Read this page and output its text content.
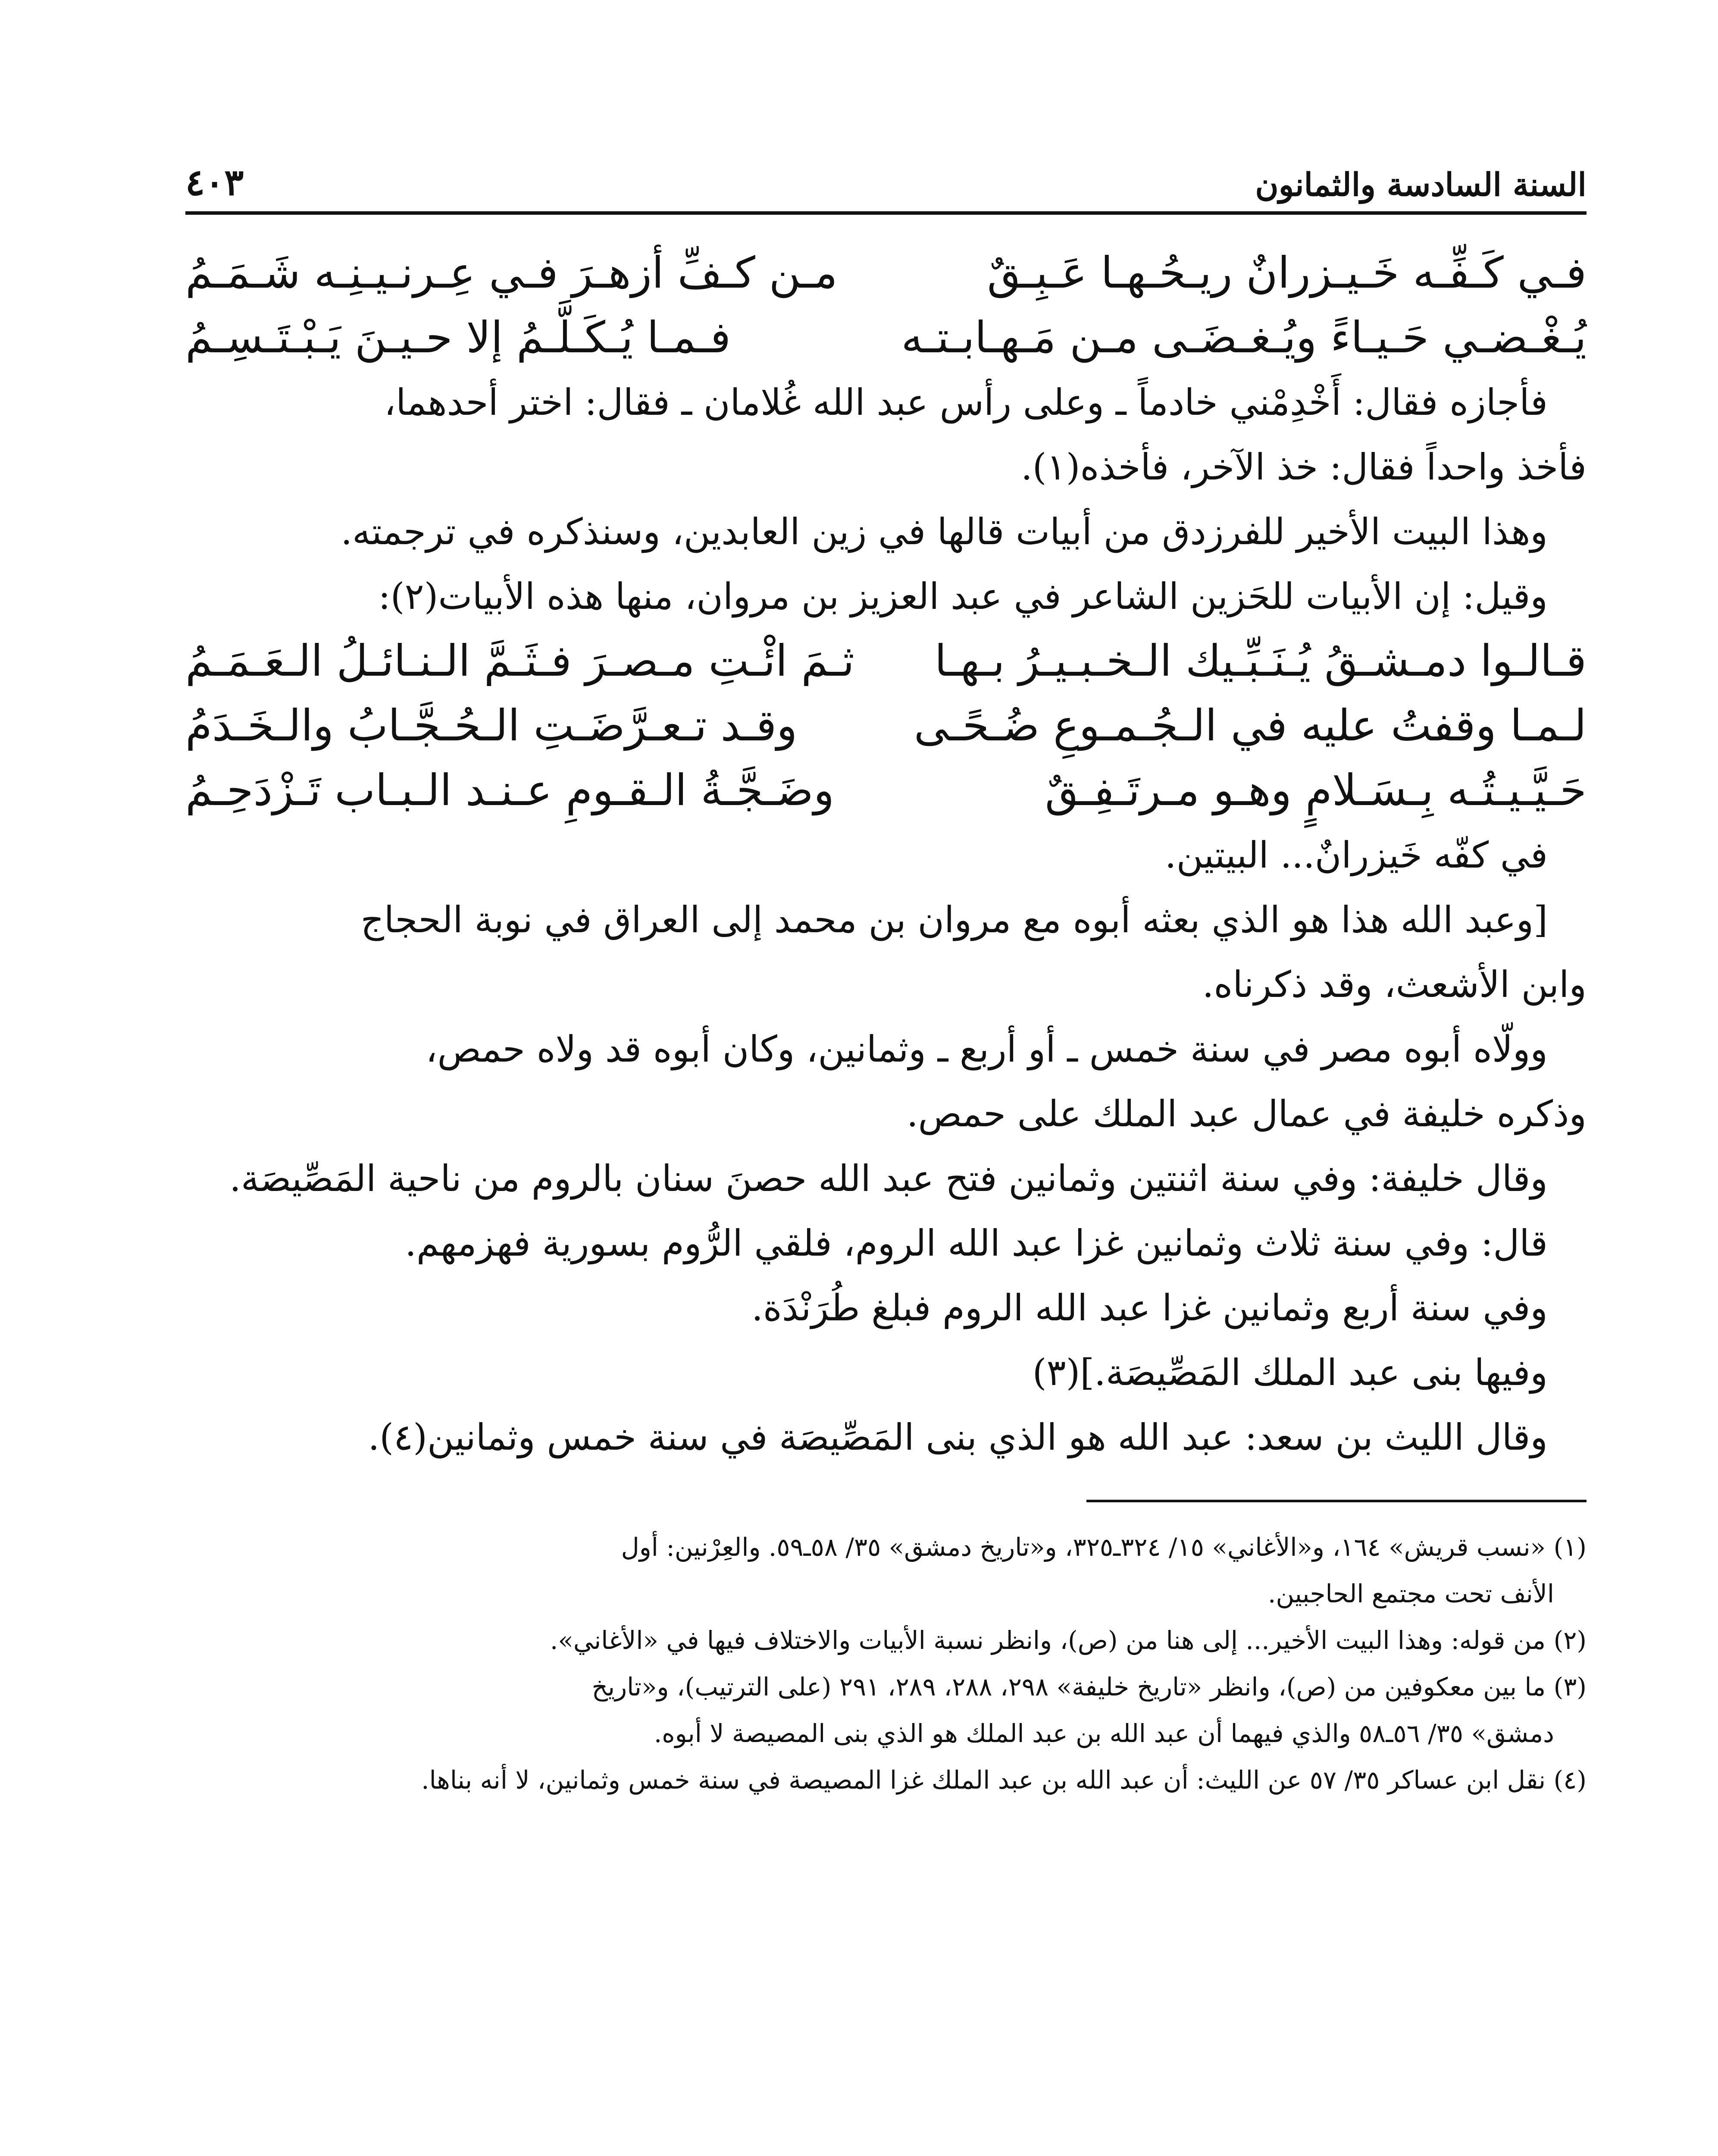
السنة السادسة والثمانون
٤٠٣
فـي كَـفِّـه خَـيـزرانٌ ريـحُـهـا عَـبِـقٌ
مـن كـفِّ أزهـرَ فـي عِـرنـيـنِـه شَـمَـمُ
يُـغْـضـي حَـيـاءً ويُـغـضَـى مـن مَـهـابـتـه
فـمـا يُـكَـلَّـمُ إلا حـيـنَ يَـبْـتَـسِـمُ

فأجازه فقال: أَخْدِمْني خادماً ـ وعلى رأس عبد الله غُلامان ـ فقال: اختر أحدهما،

فأخذ واحداً فقال: خذ الآخر، فأخذه(١).

وهذا البيت الأخير للفرزدق من أبيات قالها في زين العابدين، وسنذكره في ترجمته.

وقيل: إن الأبيات للحَزين الشاعر في عبد العزيز بن مروان، منها هذه الأبيات(٢):

قـالـوا دمـشـقُ يُـنَـبِّـيك الـخـبـيـرُ بـهـا
ثـمَ ائْـتِ مـصـرَ فـثَـمَّ الـنـائـلُ الـعَـمَـمُ
لـمـا وقفتُ عليه في الـجُـمـوعِ ضُـحًـى
وقـد تـعـرَّضَـتِ الـحُـجَّـابُ والـخَـدَمُ
حَـيَّـيـتُـه بِـسَـلامٍ وهـو مـرتَـفِـقٌ
وضَـجَّـةُ الـقـومِ عـنـد الـبـاب تَـزْدَحِـمُ

في كفّه خَيزرانٌ... البيتين.

[وعبد الله هذا هو الذي بعثه أبوه مع مروان بن محمد إلى العراق في نوبة الحجاج

وابن الأشعث، وقد ذكرناه.

وولّاه أبوه مصر في سنة خمس ـ أو أربع ـ وثمانين، وكان أبوه قد ولاه حمص،

وذكره خليفة في عمال عبد الملك على حمص.

وقال خليفة: وفي سنة اثنتين وثمانين فتح عبد الله حصنَ سنان بالروم من ناحية المَصِّيصَة.

قال: وفي سنة ثلاث وثمانين غزا عبد الله الروم، فلقي الرُّوم بسورية فهزمهم.

وفي سنة أربع وثمانين غزا عبد الله الروم فبلغ طُرَنْدَة.

وفيها بنى عبد الملك المَصِّيصَة.](٣)

وقال الليث بن سعد: عبد الله هو الذي بنى المَصِّيصَة في سنة خمس وثمانين(٤).

(١) «نسب قريش» ١٦٤، و«الأغاني» ١٥/ ٣٢٤ـ٣٢٥، و«تاريخ دمشق» ٣٥/ ٥٨ـ٥٩. والعِرْنين: أول

الأنف تحت مجتمع الحاجبين.

(٢) من قوله: وهذا البيت الأخير... إلى هنا من (ص)، وانظر نسبة الأبيات والاختلاف فيها في «الأغاني».

(٣) ما بين معكوفين من (ص)، وانظر «تاريخ خليفة» ٢٩٨، ٢٨٨، ٢٨٩، ٢٩١ (على الترتيب)، و«تاريخ

دمشق» ٣٥/ ٥٦ـ٥٨ والذي فيهما أن عبد الله بن عبد الملك هو الذي بنى المصيصة لا أبوه.

(٤) نقل ابن عساكر ٣٥/ ٥٧ عن الليث: أن عبد الله بن عبد الملك غزا المصيصة في سنة خمس وثمانين، لا أنه بناها.
